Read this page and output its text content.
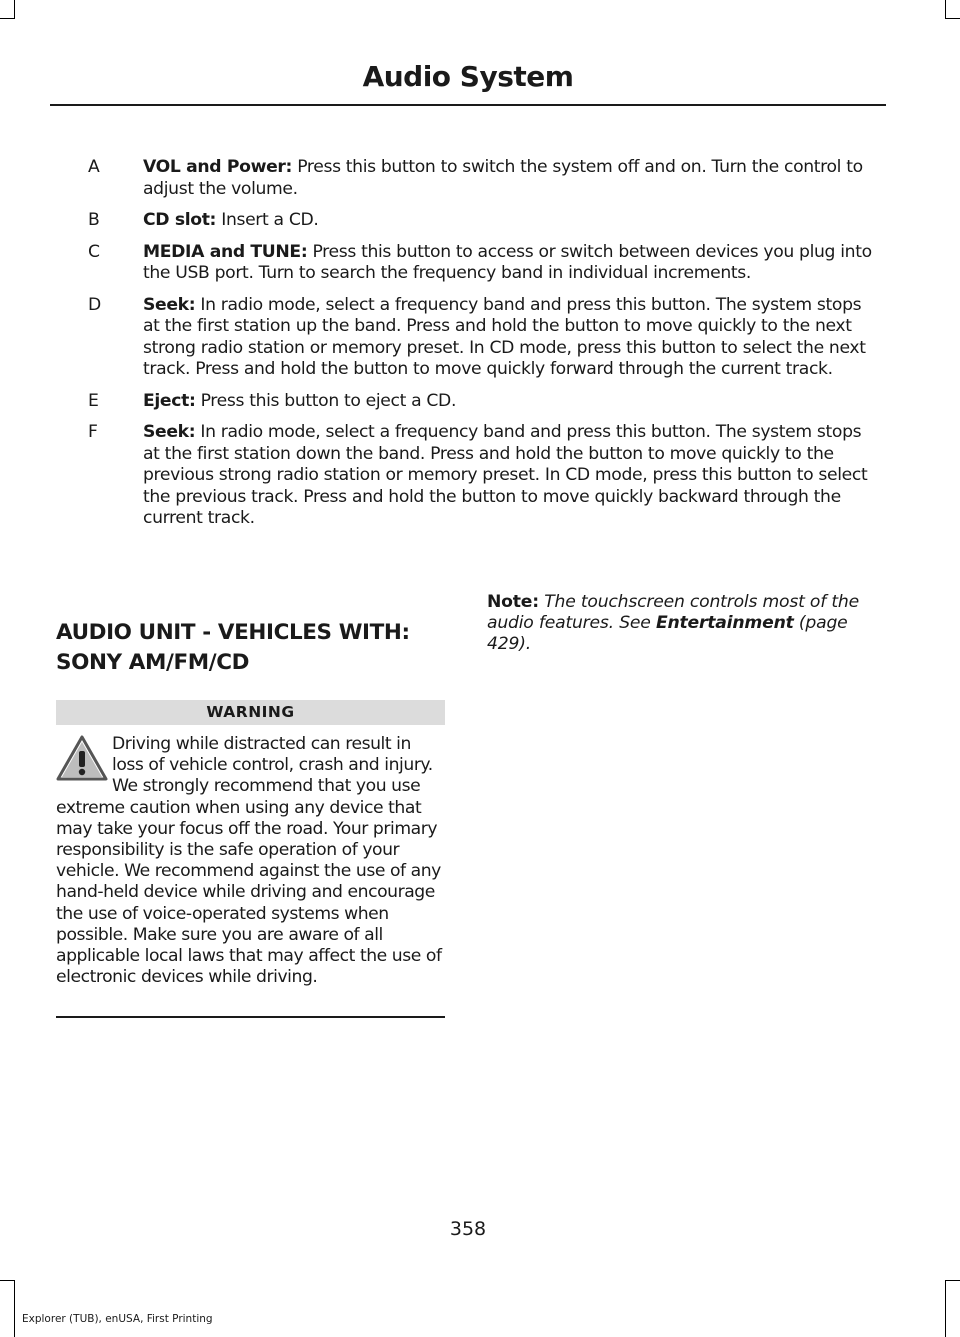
Audio System
A	VOL and Power: Press this button to switch the system off and on. Turn the control to adjust the volume.
B	CD slot: Insert a CD.
C	MEDIA and TUNE: Press this button to access or switch between devices you plug into the USB port. Turn to search the frequency band in individual increments.
D	Seek: In radio mode, select a frequency band and press this button. The system stops at the first station up the band. Press and hold the button to move quickly to the next strong radio station or memory preset. In CD mode, press this button to select the next track. Press and hold the button to move quickly forward through the current track.
E	Eject: Press this button to eject a CD.
F	Seek: In radio mode, select a frequency band and press this button. The system stops at the first station down the band. Press and hold the button to move quickly to the previous strong radio station or memory preset. In CD mode, press this button to select the previous track. Press and hold the button to move quickly backward through the current track.
AUDIO UNIT - VEHICLES WITH:
SONY AM/FM/CD
WARNING
Driving while distracted can result in loss of vehicle control, crash and injury. We strongly recommend that you use extreme caution when using any device that may take your focus off the road. Your primary responsibility is the safe operation of your vehicle. We recommend against the use of any hand-held device while driving and encourage the use of voice-operated systems when possible. Make sure you are aware of all applicable local laws that may affect the use of electronic devices while driving.
Note: The touchscreen controls most of the audio features. See Entertainment (page 429).
358
Explorer (TUB), enUSA, First Printing
